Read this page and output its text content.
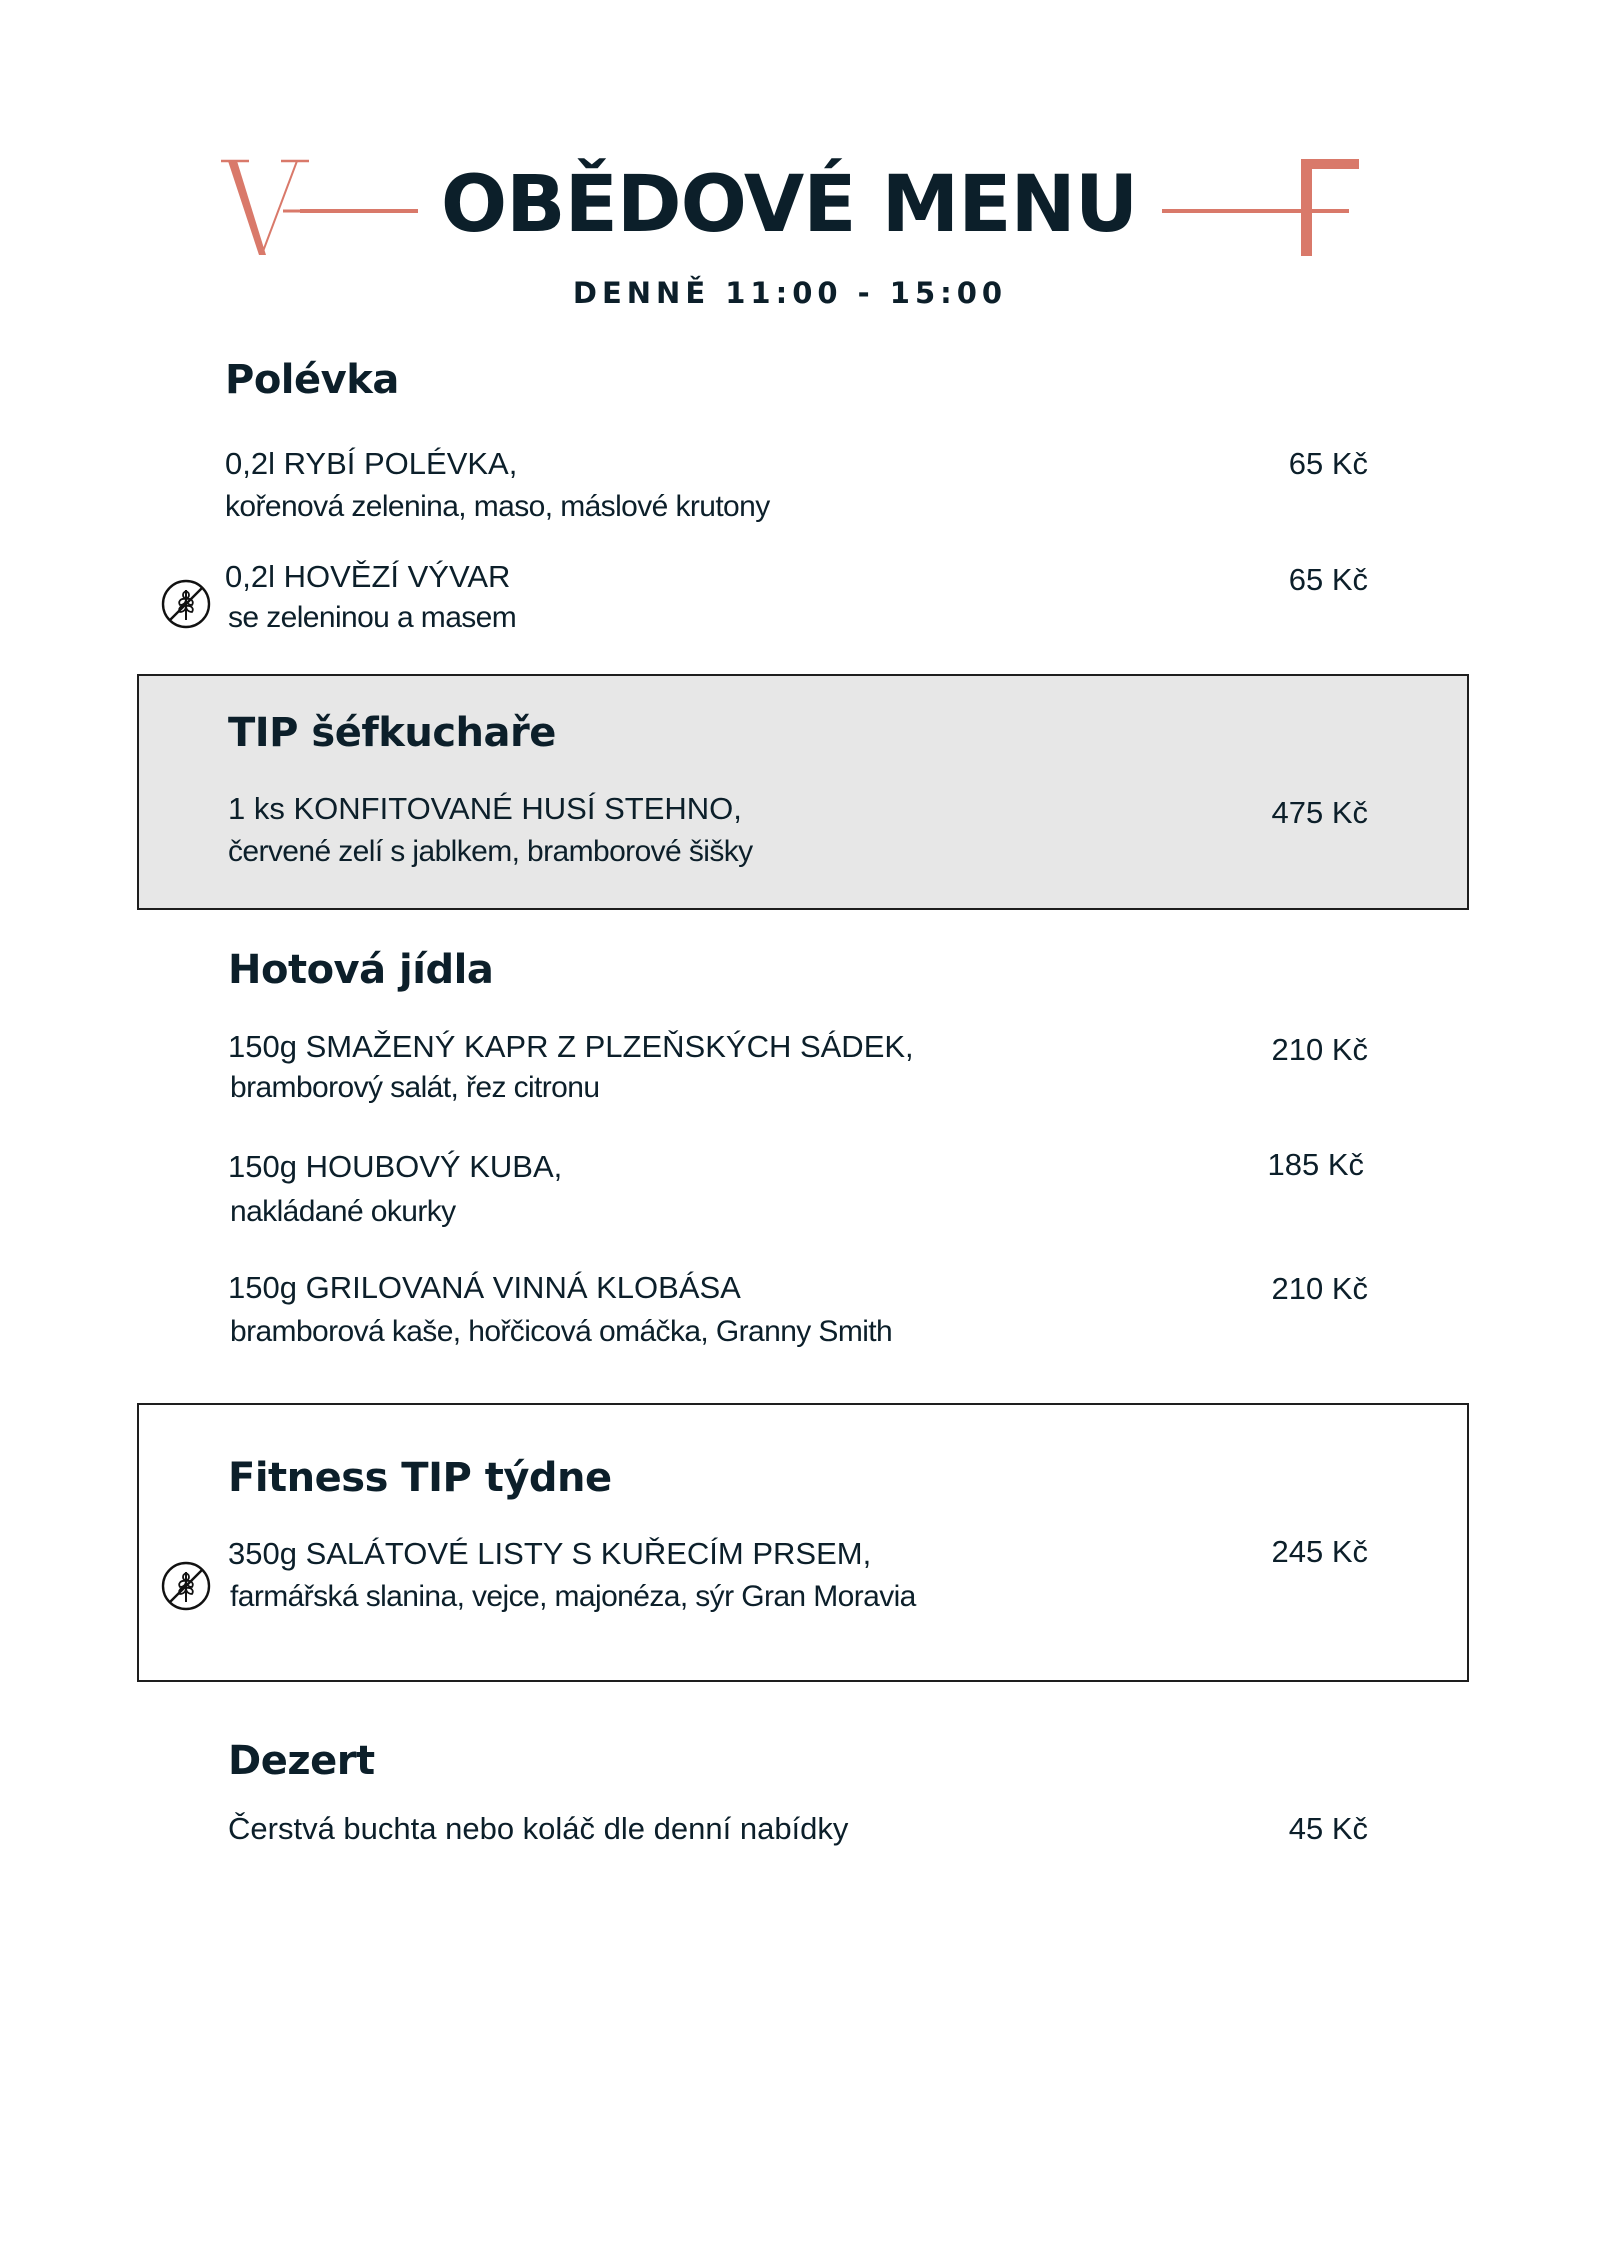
OBĚDOVÉ MENU
DENNĚ 11:00 - 15:00
Polévka
0,2l RYBÍ POLÉVKA,
kořenová zelenina, maso, máslové krutony
65 Kč
0,2l HOVĚZÍ VÝVAR
se zeleninou a masem
65 Kč
TIP šéfkuchaře
1 ks KONFITOVANÉ HUSÍ STEHNO,
červené zelí s jablkem, bramborové šišky
475 Kč
Hotová jídla
150g SMAŽENÝ KAPR Z PLZEŇSKÝCH SÁDEK,
bramborový salát, řez citronu
210 Kč
150g HOUBOVÝ KUBA,
nakládané okurky
185 Kč
150g GRILOVANÁ VINNÁ KLOBÁSA
bramborová kaše, hořčicová omáčka, Granny Smith
210 Kč
Fitness TIP týdne
350g SALÁTOVÉ LISTY S KUŘECÍM PRSEM,
farmářská slanina, vejce, majonéza, sýr Gran Moravia
245 Kč
Dezert
Čerstvá buchta nebo koláč dle denní nabídky	45 Kč
